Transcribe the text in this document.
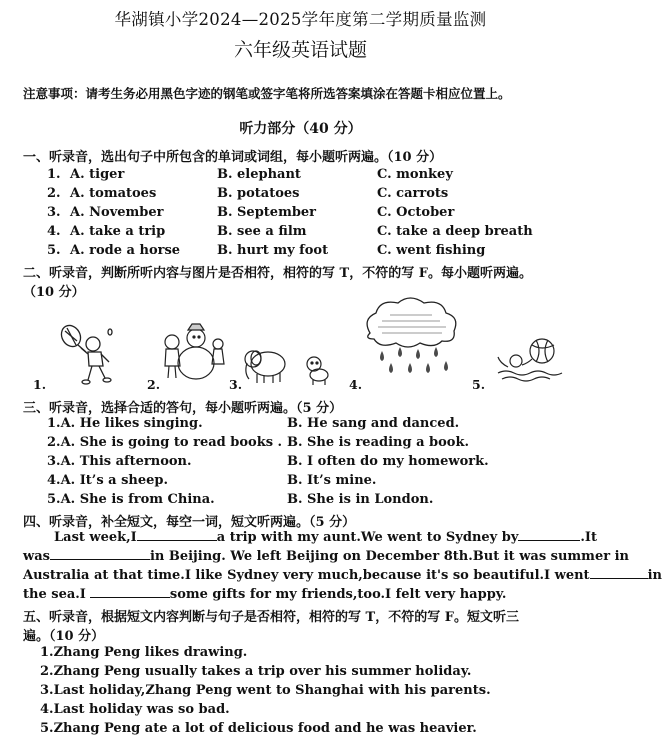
华湖镇小学2024—2025学年度第二学期质量监测
六年级英语试题
注意事项：请考生务必用黑色字迹的钢笔或签字笔将所选答案填涂在答题卡相应位置上。
听力部分（40 分）
一、听录音，选出句子中所包含的单词或词组，每小题听两遍。（10 分）
1. A. tiger	B. elephant	C. monkey
2. A. tomatoes	B. potatoes	C. carrots
3. A. November	B. September	C. October
4. A. take a trip	B. see a film	C. take a deep breath
5. A. rode a horse	B. hurt my foot	C. went fishing
二、听录音，判断所听内容与图片是否相符，相符的写 T，不符的写 F。每小题听两遍。
（10 分）
1.	2.	3.	4.	5.
三、听录音，选择合适的答句，每小题听两遍。（5 分）
1.A. He likes singing.	B. He sang and danced.
2.A. She is going to read books . B. She is reading a book.
3.A. This afternoon.	B. I often do my homework.
4.A. It’s a sheep.	B. It’s mine.
5.A. She is from China.	B. She is in London.
四、听录音，补全短文，每空一词，短文听两遍。（5 分）
Last week,I	a trip with my aunt.We went to Sydney by	.It
was	in Beijing. We left Beijing on December 8th.But it was summer in
Australia at that time.I like Sydney very much,because it's so beautiful.I went	in
the sea.I	some gifts for my friends,too.I felt very happy.
五、听录音，根据短文内容判断与句子是否相符，相符的写 T，不符的写 F。短文听三
遍。（10 分）
1.Zhang Peng likes drawing.
2.Zhang Peng usually takes a trip over his summer holiday.
3.Last holiday,Zhang Peng went to Shanghai with his parents.
4.Last holiday was so bad.
5.Zhang Peng ate a lot of delicious food and he was heavier.
